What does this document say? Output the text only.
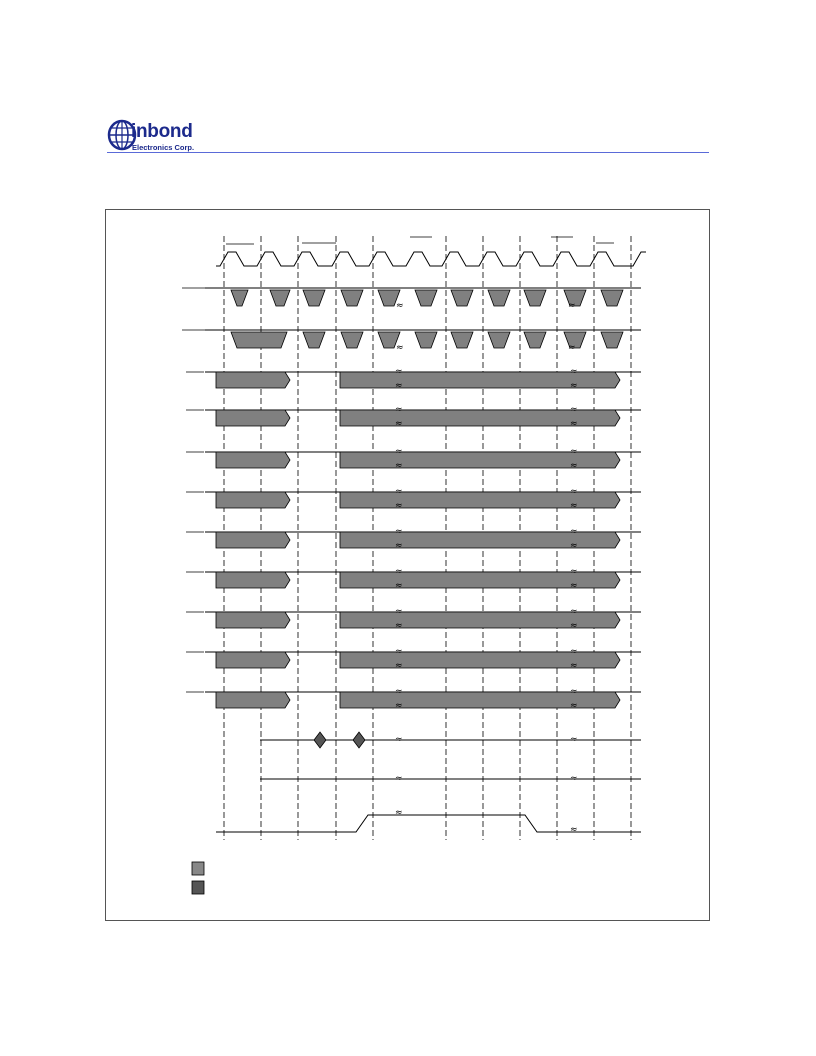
inbond
Electronics Corp.
≈	≈
≈	≈
≈
≈
≈
≈
≈
≈
≈
≈
≈
≈
≈
≈
≈
≈
≈
≈
≈
≈
≈
≈
≈
≈
≈
≈
≈
≈
≈
≈
≈
≈
≈
≈
≈
≈
≈
≈
≈	≈
≈	≈
≈
≈
